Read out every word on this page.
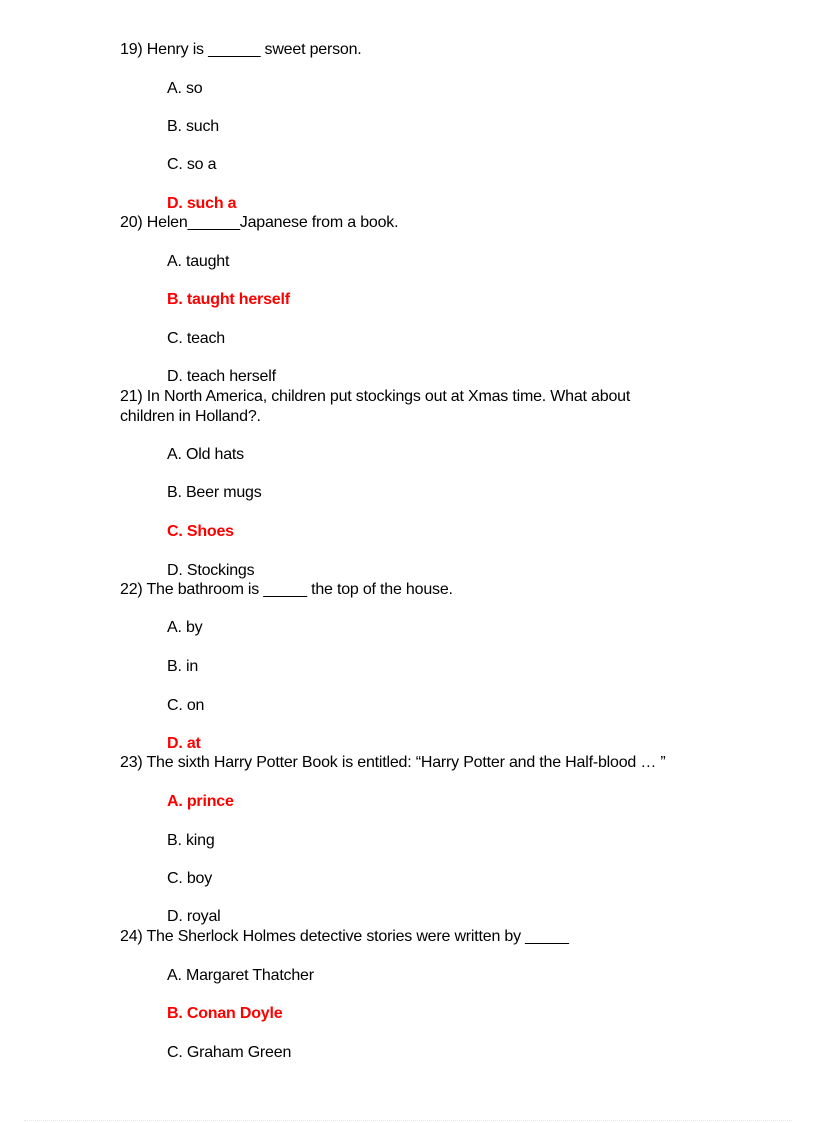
19) Henry is ______ sweet person.
A. so
B. such
C. so a
D. such a
20) Helen______Japanese from a book.
A. taught
B. taught herself
C. teach
D. teach herself
21) In North America, children put stockings out at Xmas time. What about
children in Holland?.
A. Old hats
B. Beer mugs
C. Shoes
D. Stockings
22) The bathroom is _____ the top of the house.
A. by
B. in
C. on
D. at
23) The sixth Harry Potter Book is entitled: “Harry Potter and the Half-blood … ”
A. prince
B. king
C. boy
D. royal
24) The Sherlock Holmes detective stories were written by _____
A. Margaret Thatcher
B. Conan Doyle
C. Graham Green
